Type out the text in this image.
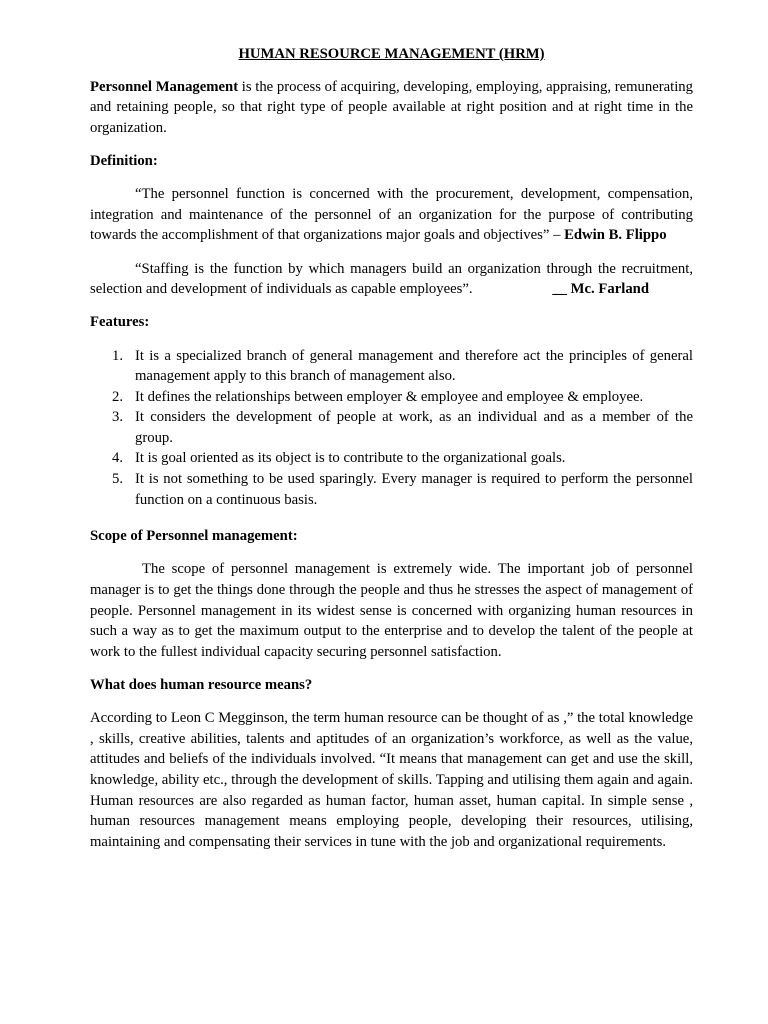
HUMAN RESOURCE MANAGEMENT (HRM)

Personnel Management is the process of acquiring, developing, employing, appraising, remunerating and retaining people, so that right type of people available at right position and at right time in the organization.

Definition:

“The personnel function is concerned with the procurement, development, compensation, integration and maintenance of the personnel of an organization for the purpose of contributing towards the accomplishment of that organizations major goals and objectives” – Edwin B. Flippo

“Staffing is the function by which managers build an organization through the recruitment, selection and development of individuals as capable employees”.	__ Mc. Farland

Features:
1. It is a specialized branch of general management and therefore act the principles of general management apply to this branch of management also.
2. It defines the relationships between employer & employee and employee & employee.
3. It considers the development of people at work, as an individual and as a member of the group.
4. It is goal oriented as its object is to contribute to the organizational goals.
5. It is not something to be used sparingly. Every manager is required to perform the personnel function on a continuous basis.
Scope of Personnel management:

The scope of personnel management is extremely wide. The important job of personnel manager is to get the things done through the people and thus he stresses the aspect of management of people. Personnel management in its widest sense is concerned with organizing human resources in such a way as to get the maximum output to the enterprise and to develop the talent of the people at work to the fullest individual capacity securing personnel satisfaction.

What does human resource means?

According to Leon C Megginson, the term human resource can be thought of as ,” the total knowledge , skills, creative abilities, talents and aptitudes of an organization’s workforce, as well as the value, attitudes and beliefs of the individuals involved. “It means that management can get and use the skill, knowledge, ability etc., through the development of skills. Tapping and utilising them again and again. Human resources are also regarded as human factor, human asset, human capital. In simple sense , human resources management means employing people, developing their resources, utilising, maintaining and compensating their services in tune with the job and organizational requirements.
